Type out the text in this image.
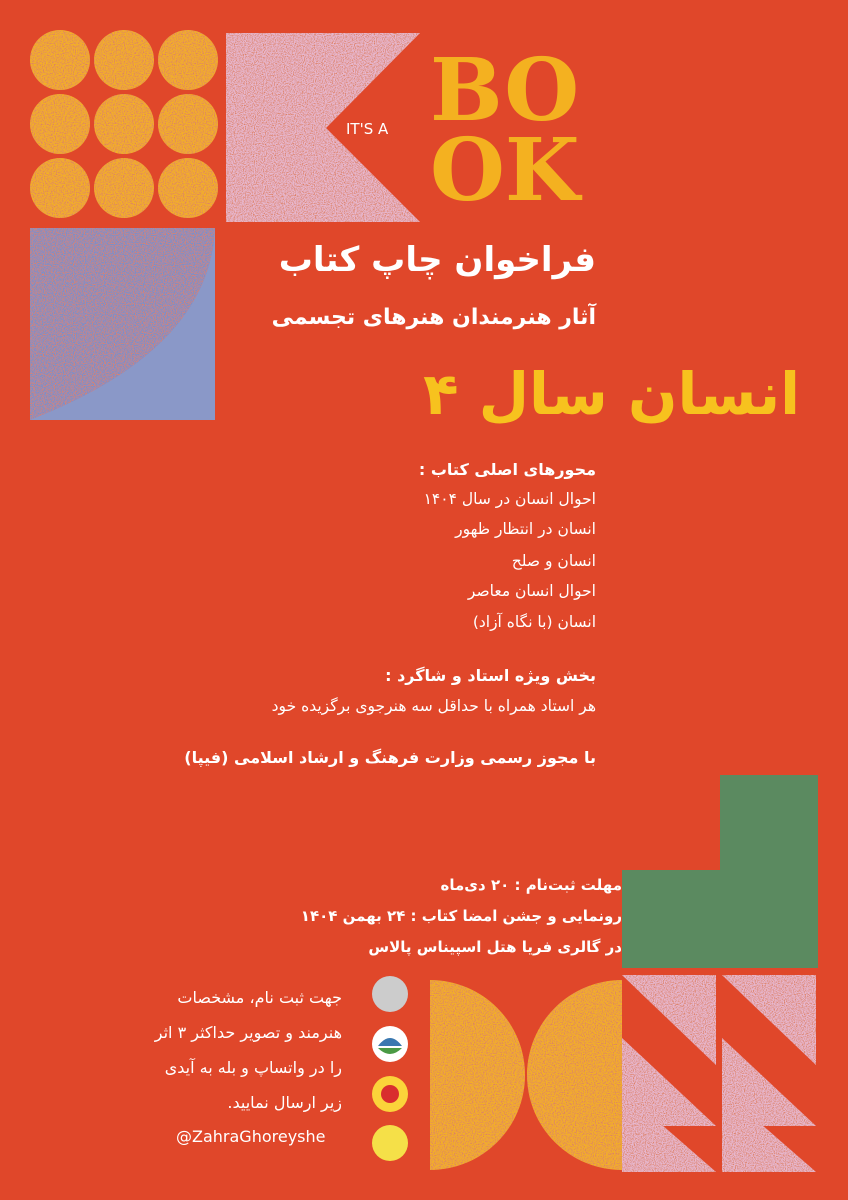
BO
OK
IT'S A
فراخوان چاپ کتاب
آثار هنرمندان هنرهای تجسمی
انسان سال ۴
محورهای اصلی کتاب :
احوال انسان در سال ۱۴۰۴
انسان در انتظار ظهور
انسان و صلح
احوال انسان معاصر
انسان (با نگاه آزاد)
بخش ویژه استاد و شاگرد :
هر استاد همراه با حداقل سه هنرجوی برگزیده خود
با مجوز رسمی وزارت فرهنگ و ارشاد اسلامی (فیپا)
مهلت ثبت‌نام : ۲۰ دی‌ماه
رونمایی و جشن امضا کتاب : ۲۴ بهمن ۱۴۰۴
در گالری فریا هتل اسپیناس پالاس
جهت ثبت نام، مشخصات
هنرمند و تصویر حداکثر ۳ اثر
را در واتساپ و بله به آیدی
زیر ارسال نمایید.
@ZahraGhoreyshe
